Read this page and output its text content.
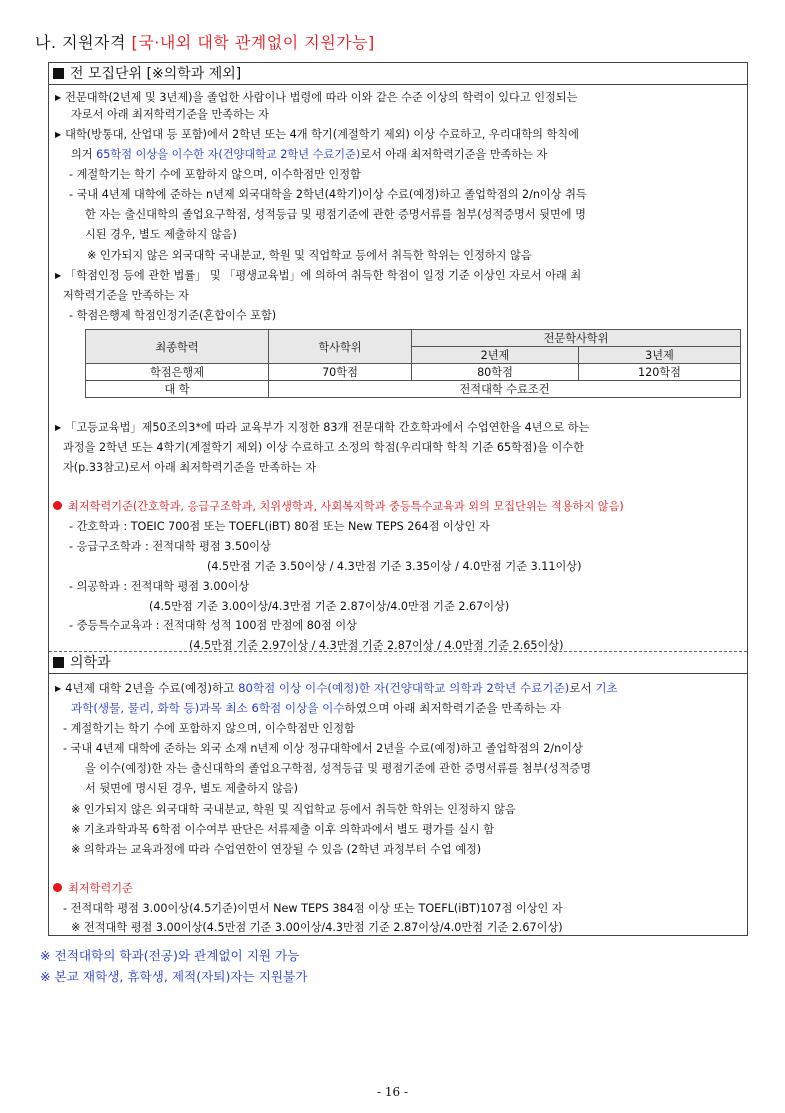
나. 지원자격 [국·내외 대학 관계없이 지원가능]
전 모집단위 [※의학과 제외]
▶ 전문대학(2년제 및 3년제)을 졸업한 사람이나 법령에 따라 이와 같은 수준 이상의 학력이 있다고 인정되는
자로서 아래 최저학력기준을 만족하는 자
▶ 대학(방통대, 산업대 등 포함)에서 2학년 또는 4개 학기(계절학기 제외) 이상 수료하고, 우리대학의 학칙에
의거 65학점 이상을 이수한 자(건양대학교 2학년 수료기준)로서 아래 최저학력기준을 만족하는 자
- 계절학기는 학기 수에 포함하지 않으며, 이수학점만 인정함
- 국내 4년제 대학에 준하는 n년제 외국대학을 2학년(4학기)이상 수료(예정)하고 졸업학점의 2/n이상 취득
한 자는 출신대학의 졸업요구학점, 성적등급 및 평점기준에 관한 증명서류를 첨부(성적증명서 뒷면에 명
시된 경우, 별도 제출하지 않음)
※ 인가되지 않은 외국대학 국내분교, 학원 및 직업학교 등에서 취득한 학위는 인정하지 않음
▶ 「학점인정 등에 관한 법률」 및 「평생교육법」에 의하여 취득한 학점이 일정 기준 이상인 자로서 아래 최
저학력기준을 만족하는 자
- 학점은행제 학점인정기준(혼합이수 포함)
최종학력	학사학위	전문학사학위	
		2년제	3년제
학점은행제	70학점	80학점	120학점
대 학	전적대학 수료조건		
▶ 「고등교육법」제50조의3*에 따라 교육부가 지정한 83개 전문대학 간호학과에서 수업연한을 4년으로 하는
과정을 2학년 또는 4학기(계절학기 제외) 이상 수료하고 소정의 학점(우리대학 학칙 기준 65학점)을 이수한
자(p.33참고)로서 아래 최저학력기준을 만족하는 자
최저학력기준(간호학과, 응급구조학과, 치위생학과, 사회복지학과 중등특수교육과 외의 모집단위는 적용하지 않음)
- 간호학과 : TOEIC 700점 또는 TOEFL(iBT) 80점 또는 New TEPS 264점 이상인 자
- 응급구조학과 : 전적대학 평점 3.50이상
(4.5만점 기준 3.50이상 / 4.3만점 기준 3.35이상 / 4.0만점 기준 3.11이상)
- 의공학과 : 전적대학 평점 3.00이상
(4.5만점 기준 3.00이상/4.3만점 기준 2.87이상/4.0만점 기준 2.67이상)
- 중등특수교육과 : 전적대학 성적 100점 만점에 80점 이상
(4.5만점 기준 2.97이상 / 4.3만점 기준 2.87이상 / 4.0만점 기준 2.65이상)
의학과
▶ 4년제 대학 2년을 수료(예정)하고 80학점 이상 이수(예정)한 자(건양대학교 의학과 2학년 수료기준)로서 기초
과학(생물, 물리, 화학 등)과목 최소 6학점 이상을 이수하였으며 아래 최저학력기준을 만족하는 자
- 계절학기는 학기 수에 포함하지 않으며, 이수학점만 인정함
- 국내 4년제 대학에 준하는 외국 소재 n년제 이상 정규대학에서 2년을 수료(예정)하고 졸업학점의 2/n이상
을 이수(예정)한 자는 출신대학의 졸업요구학점, 성적등급 및 평점기준에 관한 증명서류를 첨부(성적증명
서 뒷면에 명시된 경우, 별도 제출하지 않음)
※ 인가되지 않은 외국대학 국내분교, 학원 및 직업학교 등에서 취득한 학위는 인정하지 않음
※ 기초과학과목 6학점 이수여부 판단은 서류제출 이후 의학과에서 별도 평가를 실시 함
※ 의학과는 교육과정에 따라 수업연한이 연장될 수 있음 (2학년 과정부터 수업 예정)
최저학력기준
- 전적대학 평점 3.00이상(4.5기준)이면서 New TEPS 384점 이상 또는 TOEFL(iBT)107점 이상인 자
※ 전적대학 평점 3.00이상(4.5만점 기준 3.00이상/4.3만점 기준 2.87이상/4.0만점 기준 2.67이상)
※ 전적대학의 학과(전공)와 관계없이 지원 가능
※ 본교 재학생, 휴학생, 제적(자퇴)자는 지원불가
- 16 -
